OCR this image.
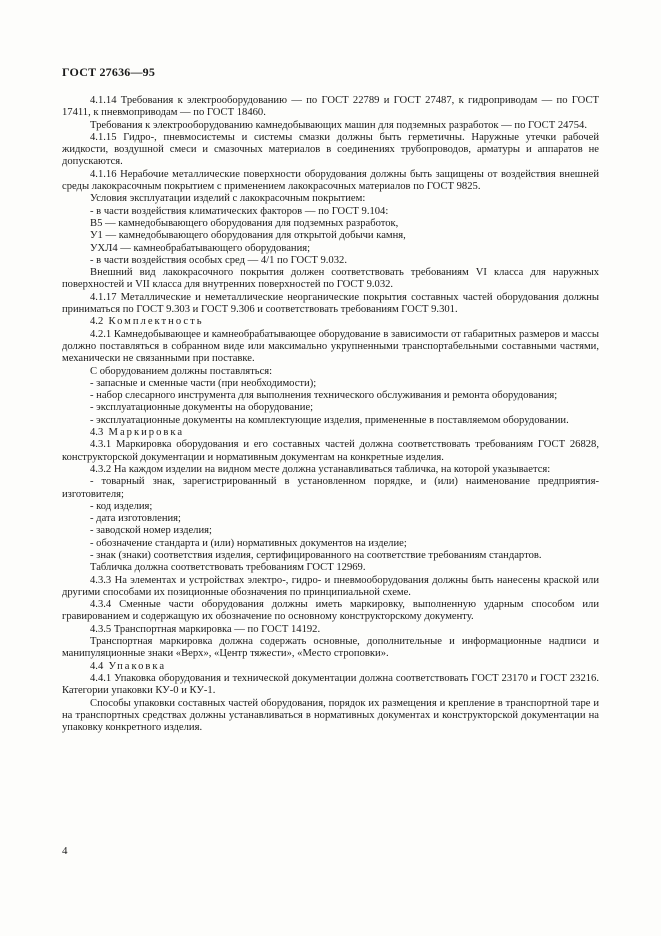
ГОСТ 27636—95

4.1.14 Требования к электрооборудованию — по ГОСТ 22789 и ГОСТ 27487, к гидроприводам — по ГОСТ 17411, к пневмоприводам — по ГОСТ 18460.

Требования к электрооборудованию камнедобывающих машин для подземных разработок — по ГОСТ 24754.

4.1.15 Гидро-, пневмосистемы и системы смазки должны быть герметичны. Наружные утечки рабочей жидкости, воздушной смеси и смазочных материалов в соединениях трубопроводов, арматуры и аппаратов не допускаются.

4.1.16 Нерабочие металлические поверхности оборудования должны быть защищены от воздействия внешней среды лакокрасочным покрытием с применением лакокрасочных материалов по ГОСТ 9825.

Условия эксплуатации изделий с лакокрасочным покрытием:

- в части воздействия климатических факторов — по ГОСТ 9.104:

В5 — камнедобывающего оборудования для подземных разработок,

У1 — камнедобывающего оборудования для открытой добычи камня,

УХЛ4 — камнеобрабатывающего оборудования;

- в части воздействия особых сред — 4/1 по ГОСТ 9.032.

Внешний вид лакокрасочного покрытия должен соответствовать требованиям VI класса для наружных поверхностей и VII класса для внутренних поверхностей по ГОСТ 9.032.

4.1.17 Металлические и неметаллические неорганические покрытия составных частей оборудования должны приниматься по ГОСТ 9.303 и ГОСТ 9.306 и соответствовать требованиям ГОСТ 9.301.

4.2 Комплектность

4.2.1 Камнедобывающее и камнеобрабатывающее оборудование в зависимости от габаритных размеров и массы должно поставляться в собранном виде или максимально укрупненными транспортабельными составными частями, механически не связанными при поставке.

С оборудованием должны поставляться:

- запасные и сменные части (при необходимости);

- набор слесарного инструмента для выполнения технического обслуживания и ремонта оборудования;

- эксплуатационные документы на оборудование;

- эксплуатационные документы на комплектующие изделия, примененные в поставляемом оборудовании.

4.3 Маркировка

4.3.1 Маркировка оборудования и его составных частей должна соответствовать требованиям ГОСТ 26828, конструкторской документации и нормативным документам на конкретные изделия.

4.3.2 На каждом изделии на видном месте должна устанавливаться табличка, на которой указывается:

- товарный знак, зарегистрированный в установленном порядке, и (или) наименование предприятия-изготовителя;

- код изделия;

- дата изготовления;

- заводской номер изделия;

- обозначение стандарта и (или) нормативных документов на изделие;

- знак (знаки) соответствия изделия, сертифицированного на соответствие требованиям стандартов.

Табличка должна соответствовать требованиям ГОСТ 12969.

4.3.3 На элементах и устройствах электро-, гидро- и пневмооборудования должны быть нанесены краской или другими способами их позиционные обозначения по принципиальной схеме.

4.3.4 Сменные части оборудования должны иметь маркировку, выполненную ударным способом или гравированием и содержащую их обозначение по основному конструкторскому документу.

4.3.5 Транспортная маркировка — по ГОСТ 14192.

Транспортная маркировка должна содержать основные, дополнительные и информационные надписи и манипуляционные знаки «Верх», «Центр тяжести», «Место строповки».

4.4 Упаковка

4.4.1 Упаковка оборудования и технической документации должна соответствовать ГОСТ 23170 и ГОСТ 23216. Категории упаковки КУ-0 и КУ-1.

Способы упаковки составных частей оборудования, порядок их размещения и крепление в транспортной таре и на транспортных средствах должны устанавливаться в нормативных документах и конструкторской документации на упаковку конкретного изделия.

4
